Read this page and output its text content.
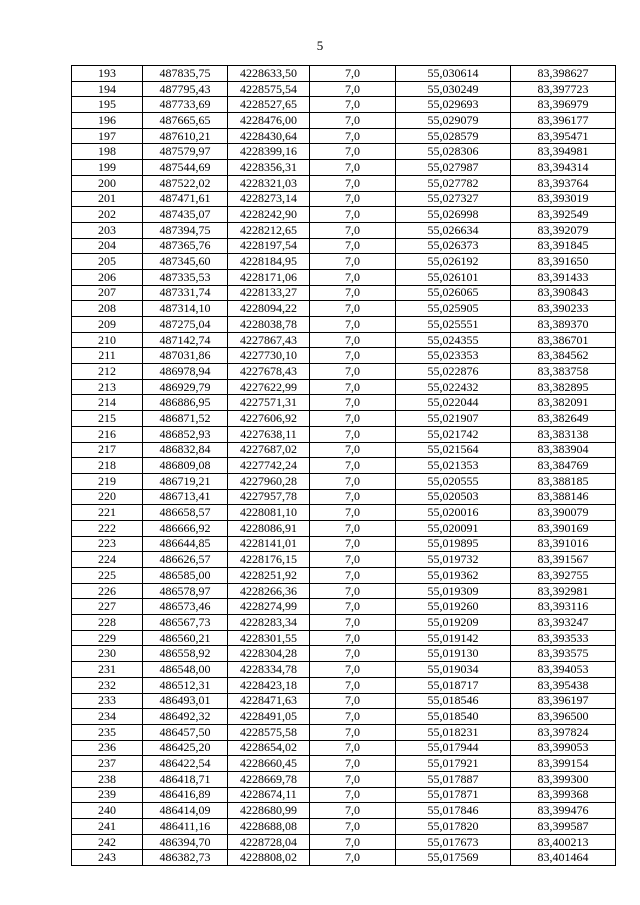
5
193	487835,75	4228633,50	7,0	55,030614	83,398627
194	487795,43	4228575,54	7,0	55,030249	83,397723
195	487733,69	4228527,65	7,0	55,029693	83,396979
196	487665,65	4228476,00	7,0	55,029079	83,396177
197	487610,21	4228430,64	7,0	55,028579	83,395471
198	487579,97	4228399,16	7,0	55,028306	83,394981
199	487544,69	4228356,31	7,0	55,027987	83,394314
200	487522,02	4228321,03	7,0	55,027782	83,393764
201	487471,61	4228273,14	7,0	55,027327	83,393019
202	487435,07	4228242,90	7,0	55,026998	83,392549
203	487394,75	4228212,65	7,0	55,026634	83,392079
204	487365,76	4228197,54	7,0	55,026373	83,391845
205	487345,60	4228184,95	7,0	55,026192	83,391650
206	487335,53	4228171,06	7,0	55,026101	83,391433
207	487331,74	4228133,27	7,0	55,026065	83,390843
208	487314,10	4228094,22	7,0	55,025905	83,390233
209	487275,04	4228038,78	7,0	55,025551	83,389370
210	487142,74	4227867,43	7,0	55,024355	83,386701
211	487031,86	4227730,10	7,0	55,023353	83,384562
212	486978,94	4227678,43	7,0	55,022876	83,383758
213	486929,79	4227622,99	7,0	55,022432	83,382895
214	486886,95	4227571,31	7,0	55,022044	83,382091
215	486871,52	4227606,92	7,0	55,021907	83,382649
216	486852,93	4227638,11	7,0	55,021742	83,383138
217	486832,84	4227687,02	7,0	55,021564	83,383904
218	486809,08	4227742,24	7,0	55,021353	83,384769
219	486719,21	4227960,28	7,0	55,020555	83,388185
220	486713,41	4227957,78	7,0	55,020503	83,388146
221	486658,57	4228081,10	7,0	55,020016	83,390079
222	486666,92	4228086,91	7,0	55,020091	83,390169
223	486644,85	4228141,01	7,0	55,019895	83,391016
224	486626,57	4228176,15	7,0	55,019732	83,391567
225	486585,00	4228251,92	7,0	55,019362	83,392755
226	486578,97	4228266,36	7,0	55,019309	83,392981
227	486573,46	4228274,99	7,0	55,019260	83,393116
228	486567,73	4228283,34	7,0	55,019209	83,393247
229	486560,21	4228301,55	7,0	55,019142	83,393533
230	486558,92	4228304,28	7,0	55,019130	83,393575
231	486548,00	4228334,78	7,0	55,019034	83,394053
232	486512,31	4228423,18	7,0	55,018717	83,395438
233	486493,01	4228471,63	7,0	55,018546	83,396197
234	486492,32	4228491,05	7,0	55,018540	83,396500
235	486457,50	4228575,58	7,0	55,018231	83,397824
236	486425,20	4228654,02	7,0	55,017944	83,399053
237	486422,54	4228660,45	7,0	55,017921	83,399154
238	486418,71	4228669,78	7,0	55,017887	83,399300
239	486416,89	4228674,11	7,0	55,017871	83,399368
240	486414,09	4228680,99	7,0	55,017846	83,399476
241	486411,16	4228688,08	7,0	55,017820	83,399587
242	486394,70	4228728,04	7,0	55,017673	83,400213
243	486382,73	4228808,02	7,0	55,017569	83,401464
